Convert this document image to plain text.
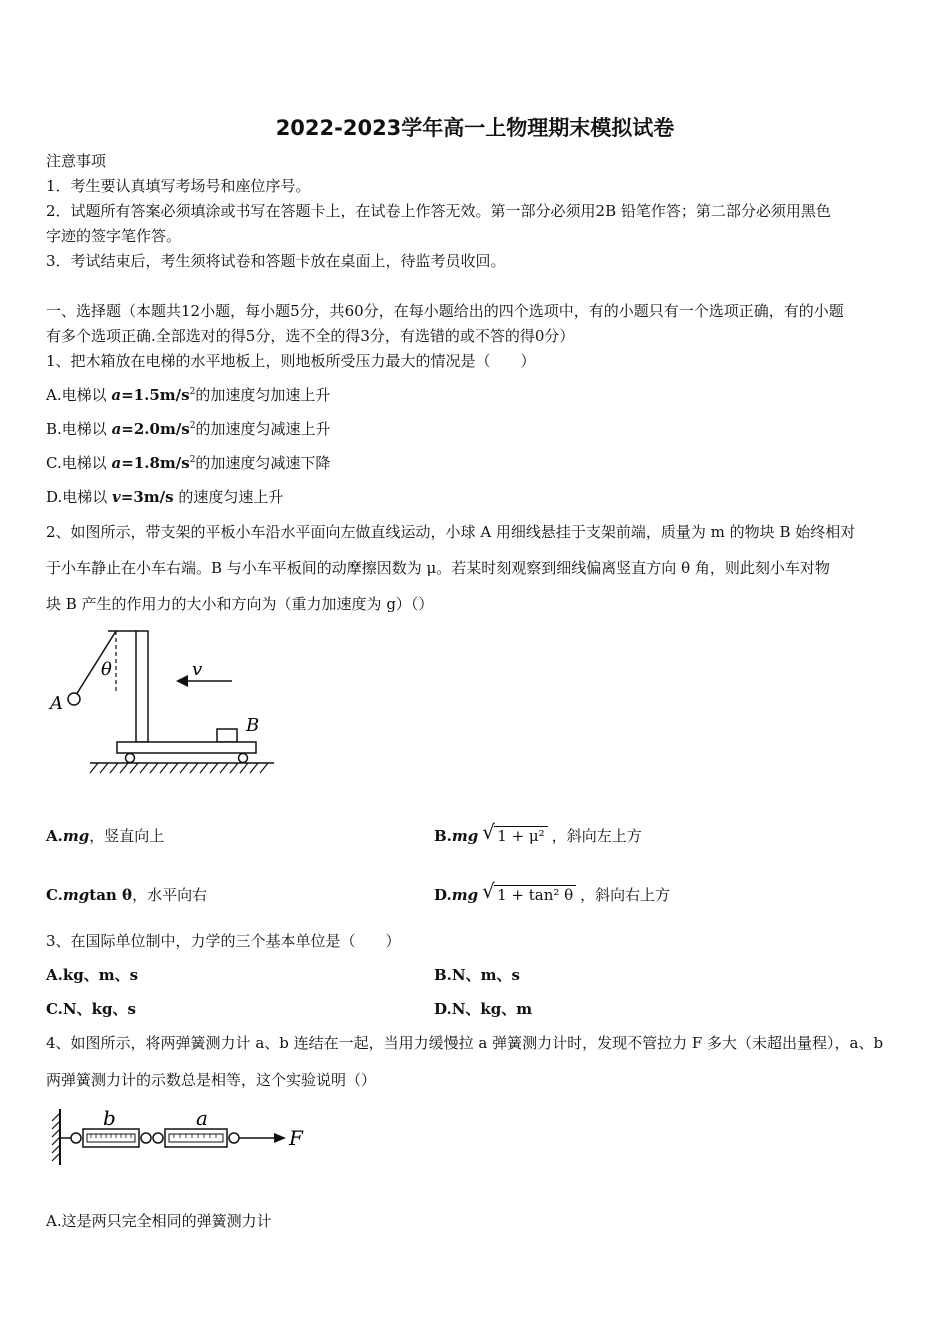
2022-2023学年高一上物理期末模拟试卷
注意事项
1．考生要认真填写考场号和座位序号。
2．试题所有答案必须填涂或书写在答题卡上，在试卷上作答无效。第一部分必须用2B 铅笔作答；第二部分必须用黑色
字迹的签字笔作答。
3．考试结束后，考生须将试卷和答题卡放在桌面上，待监考员收回。
一、选择题（本题共12小题，每小题5分，共60分，在每小题给出的四个选项中，有的小题只有一个选项正确，有的小题
有多个选项正确.全部选对的得5分，选不全的得3分，有选错的或不答的得0分）
1、把木箱放在电梯的水平地板上，则地板所受压力最大的情况是（　　）
A.电梯以 $a=1.5m/s^2$的加速度匀加速上升
B.电梯以 $a=2.0m/s^2$的加速度匀减速上升
C.电梯以 $a=1.8m/s^2$的加速度匀减速下降
D.电梯以 v=3m/s 的速度匀速上升
2、如图所示，带支架的平板小车沿水平面向左做直线运动，小球 A 用细线悬挂于支架前端，质量为 m 的物块 B 始终相对
于小车静止在小车右端。B 与小车平板间的动摩擦因数为 μ。若某时刻观察到细线偏离竖直方向 θ 角，则此刻小车对物
块 B 产生的作用力的大小和方向为（重力加速度为 g）（）
θ
A
v
B
A.mg，竖直向上	B.mg √ 1 + μ² ，斜向左上方
C.mgtan θ，水平向右	D.mg √ 1 + tan² θ ，斜向右上方
3、在国际单位制中，力学的三个基本单位是（　　）
A.kg、m、s	B.N、m、s
C.N、kg、s	D.N、kg、m
4、如图所示，将两弹簧测力计 a、b 连结在一起，当用力缓慢拉 a 弹簧测力计时，发现不管拉力 F 多大（未超出量程），a、b
两弹簧测力计的示数总是相等，这个实验说明（）
b	a
F
A.这是两只完全相同的弹簧测力计
